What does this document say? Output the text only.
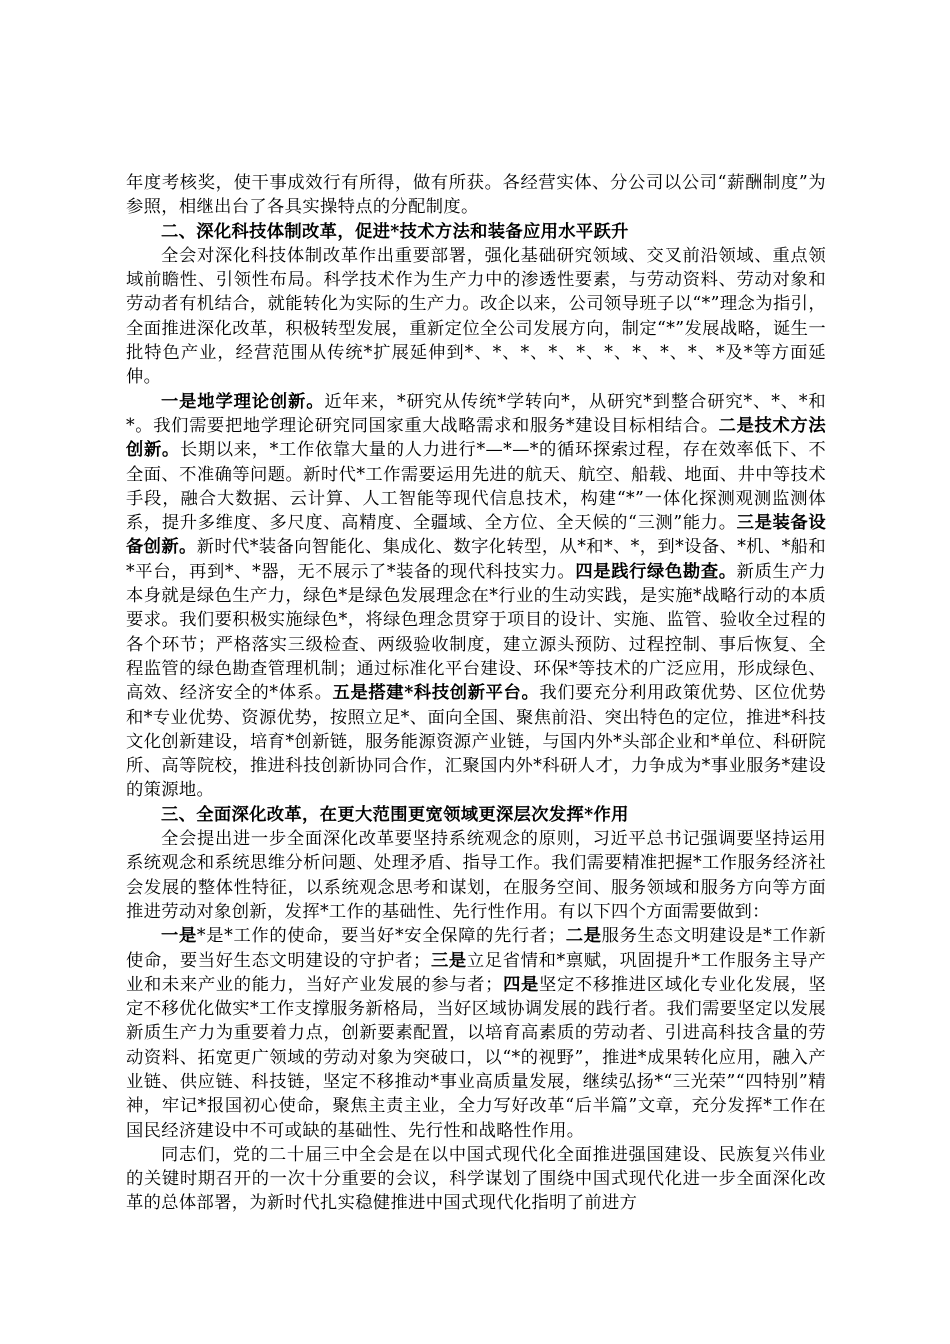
年度考核奖，使干事成效行有所得，做有所获。各经营实体、分公司以公司“薪酬制度”为参照，相继出台了各具实操特点的分配制度。

二、深化科技体制改革，促进*技术方法和装备应用水平跃升

全会对深化科技体制改革作出重要部署，强化基础研究领域、交叉前沿领域、重点领域前瞻性、引领性布局。科学技术作为生产力中的渗透性要素，与劳动资料、劳动对象和劳动者有机结合，就能转化为实际的生产力。改企以来，公司领导班子以“*”理念为指引，全面推进深化改革，积极转型发展，重新定位全公司发展方向，制定“*”发展战略，诞生一批特色产业，经营范围从传统*扩展延伸到*、*、*、*、*、*、*、*、*、*及*等方面延伸。

一是地学理论创新。近年来，*研究从传统*学转向*，从研究*到整合研究*、*、*和*。我们需要把地学理论研究同国家重大战略需求和服务*建设目标相结合。二是技术方法创新。长期以来，*工作依靠大量的人力进行*—*—*的循环探索过程，存在效率低下、不全面、不准确等问题。新时代*工作需要运用先进的航天、航空、船载、地面、井中等技术手段，融合大数据、云计算、人工智能等现代信息技术，构建“*”一体化探测观测监测体系，提升多维度、多尺度、高精度、全疆域、全方位、全天候的“三测”能力。三是装备设备创新。新时代*装备向智能化、集成化、数字化转型，从*和*、*，到*设备、*机、*船和*平台，再到*、*器，无不展示了*装备的现代科技实力。四是践行绿色勘查。新质生产力本身就是绿色生产力，绿色*是绿色发展理念在*行业的生动实践，是实施*战略行动的本质要求。我们要积极实施绿色*，将绿色理念贯穿于项目的设计、实施、监管、验收全过程的各个环节；严格落实三级检查、两级验收制度，建立源头预防、过程控制、事后恢复、全程监管的绿色勘查管理机制；通过标准化平台建设、环保*等技术的广泛应用，形成绿色、高效、经济安全的*体系。五是搭建*科技创新平台。我们要充分利用政策优势、区位优势和*专业优势、资源优势，按照立足*、面向全国、聚焦前沿、突出特色的定位，推进*科技文化创新建设，培育*创新链，服务能源资源产业链，与国内外*头部企业和*单位、科研院所、高等院校，推进科技创新协同合作，汇聚国内外*科研人才，力争成为*事业服务*建设的策源地。

三、全面深化改革，在更大范围更宽领域更深层次发挥*作用

全会提出进一步全面深化改革要坚持系统观念的原则，习近平总书记强调要坚持运用系统观念和系统思维分析问题、处理矛盾、指导工作。我们需要精准把握*工作服务经济社会发展的整体性特征，以系统观念思考和谋划，在服务空间、服务领域和服务方向等方面推进劳动对象创新，发挥*工作的基础性、先行性作用。有以下四个方面需要做到：

一是*是*工作的使命，要当好*安全保障的先行者；二是服务生态文明建设是*工作新使命，要当好生态文明建设的守护者；三是立足省情和*禀赋，巩固提升*工作服务主导产业和未来产业的能力，当好产业发展的参与者；四是坚定不移推进区域化专业化发展，坚定不移优化做实*工作支撑服务新格局，当好区域协调发展的践行者。我们需要坚定以发展新质生产力为重要着力点，创新要素配置，以培育高素质的劳动者、引进高科技含量的劳动资料、拓宽更广领域的劳动对象为突破口，以“*的视野”，推进*成果转化应用，融入产业链、供应链、科技链，坚定不移推动*事业高质量发展，继续弘扬*“三光荣”“四特别”精神，牢记*报国初心使命，聚焦主责主业，全力写好改革“后半篇”文章，充分发挥*工作在国民经济建设中不可或缺的基础性、先行性和战略性作用。

同志们，党的二十届三中全会是在以中国式现代化全面推进强国建设、民族复兴伟业的关键时期召开的一次十分重要的会议，科学谋划了围绕中国式现代化进一步全面深化改革的总体部署，为新时代扎实稳健推进中国式现代化指明了前进方
